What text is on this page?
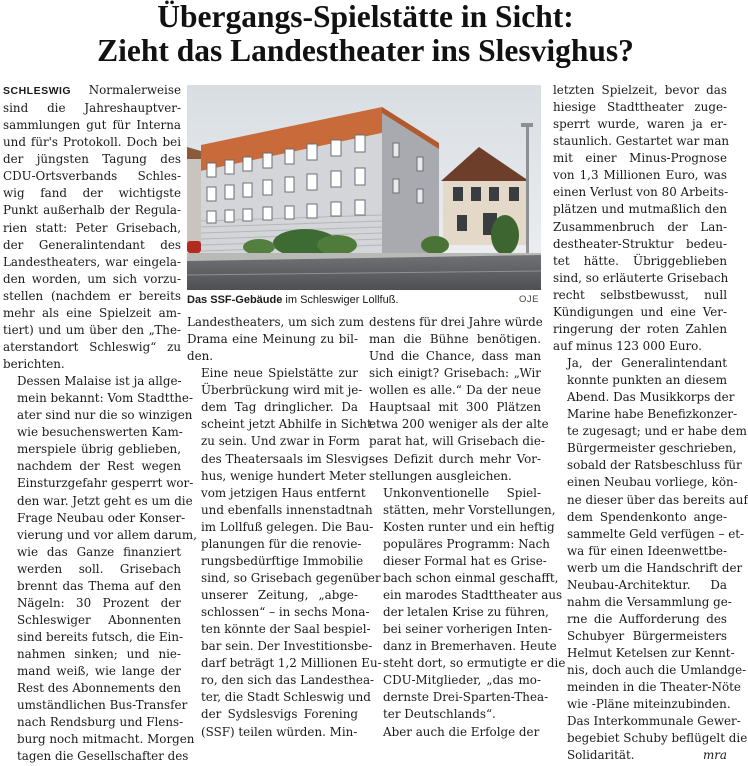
Übergangs-Spielstätte in Sicht:
Zieht das Landestheater ins Slesvighus?

SCHLESWIG Normalerweise
sind die Jahreshauptver-
sammlungen gut für Interna
und für's Protokoll. Doch bei
der jüngsten Tagung des
CDU-Ortsverbands Schles-
wig fand der wichtigste
Punkt außerhalb der Regula-
rien statt: Peter Grisebach,
der Generalintendant des
Landestheaters, war eingela-
den worden, um sich vorzu-
stellen (nachdem er bereits
mehr als eine Spielzeit am-
tiert) und um über den „The-
aterstandort Schleswig“ zu
berichten.

Dessen Malaise ist ja allge-
mein bekannt: Vom Stadtthe-
ater sind nur die so winzigen
wie besuchenswerten Kam-
merspiele übrig geblieben,
nachdem der Rest wegen
Einsturzgefahr gesperrt wor-
den war. Jetzt geht es um die
Frage Neubau oder Konser-
vierung und vor allem darum,
wie das Ganze finanziert
werden soll. Grisebach
brennt das Thema auf den
Nägeln: 30 Prozent der
Schleswiger Abonnenten
sind bereits futsch, die Ein-
nahmen sinken; und nie-
mand weiß, wie lange der
Rest des Abonnements den
umständlichen Bus-Transfer
nach Rendsburg und Flens-
burg noch mitmacht. Morgen
tagen die Gesellschafter des

Landestheaters, um sich zum
Drama eine Meinung zu bil-
den.

Eine neue Spielstätte zur
Überbrückung wird mit je-
dem Tag dringlicher. Da
scheint jetzt Abhilfe in Sicht
zu sein. Und zwar in Form
des Theatersaals im Slesvig-
hus, wenige hundert Meter
vom jetzigen Haus entfernt
und ebenfalls innenstadtnah
im Lollfuß gelegen. Die Bau-
planungen für die renovie-
rungsbedürftige Immobilie
sind, so Grisebach gegenüber
unserer Zeitung, „abge-
schlossen“ – in sechs Mona-
ten könnte der Saal bespiel-
bar sein. Der Investitionsbe-
darf beträgt 1,2 Millionen Eu-
ro, den sich das Landesthea-
ter, die Stadt Schleswig und
der Sydslesvigs Forening
(SSF) teilen würden. Min-

destens für drei Jahre würde
man die Bühne benötigen.
Und die Chance, dass man
sich einigt? Grisebach: „Wir
wollen es alle.“ Da der neue
Hauptsaal mit 300 Plätzen
etwa 200 weniger als der alte
parat hat, will Grisebach die-
ses Defizit durch mehr Vor-
stellungen ausgleichen.

Unkonventionelle Spiel-
stätten, mehr Vorstellungen,
Kosten runter und ein heftig
populäres Programm: Nach
dieser Formal hat es Grise-
bach schon einmal geschafft,
ein marodes Stadttheater aus
der letalen Krise zu führen,
bei seiner vorherigen Inten-
danz in Bremerhaven. Heute
steht dort, so ermutigte er die
CDU-Mitglieder, „das mo-
dernste Drei-Sparten-Thea-
ter Deutschlands“.

Aber auch die Erfolge der

letzten Spielzeit, bevor das
hiesige Stadttheater zuge-
sperrt wurde, waren ja er-
staunlich. Gestartet war man
mit einer Minus-Prognose
von 1,3 Millionen Euro, was
einen Verlust von 80 Arbeits-
plätzen und mutmaßlich den
Zusammenbruch der Lan-
destheater-Struktur bedeu-
tet hätte. Übriggeblieben
sind, so erläuterte Grisebach
recht selbstbewusst, null
Kündigungen und eine Ver-
ringerung der roten Zahlen
auf minus 123 000 Euro.

Ja, der Generalintendant
konnte punkten an diesem
Abend. Das Musikkorps der
Marine habe Benefizkonzer-
te zugesagt; und er habe dem
Bürgermeister geschrieben,
sobald der Ratsbeschluss für
einen Neubau vorliege, kön-
ne dieser über das bereits auf
dem Spendenkonto ange-
sammelte Geld verfügen – et-
wa für einen Ideenwettbe-
werb um die Handschrift der
Neubau-Architektur. Da
nahm die Versammlung ge-
rne die Aufforderung des
Schubyer Bürgermeisters
Helmut Ketelsen zur Kennt-
nis, doch auch die Umlandge-
meinden in die Theater-Nöte
wie -Pläne miteinzubinden.
Das Interkommunale Gewer-
begebiet Schuby beflügelt die
Solidarität.	mra

Das SSF-Gebäude im Schleswiger Lollfuß.	OJE
